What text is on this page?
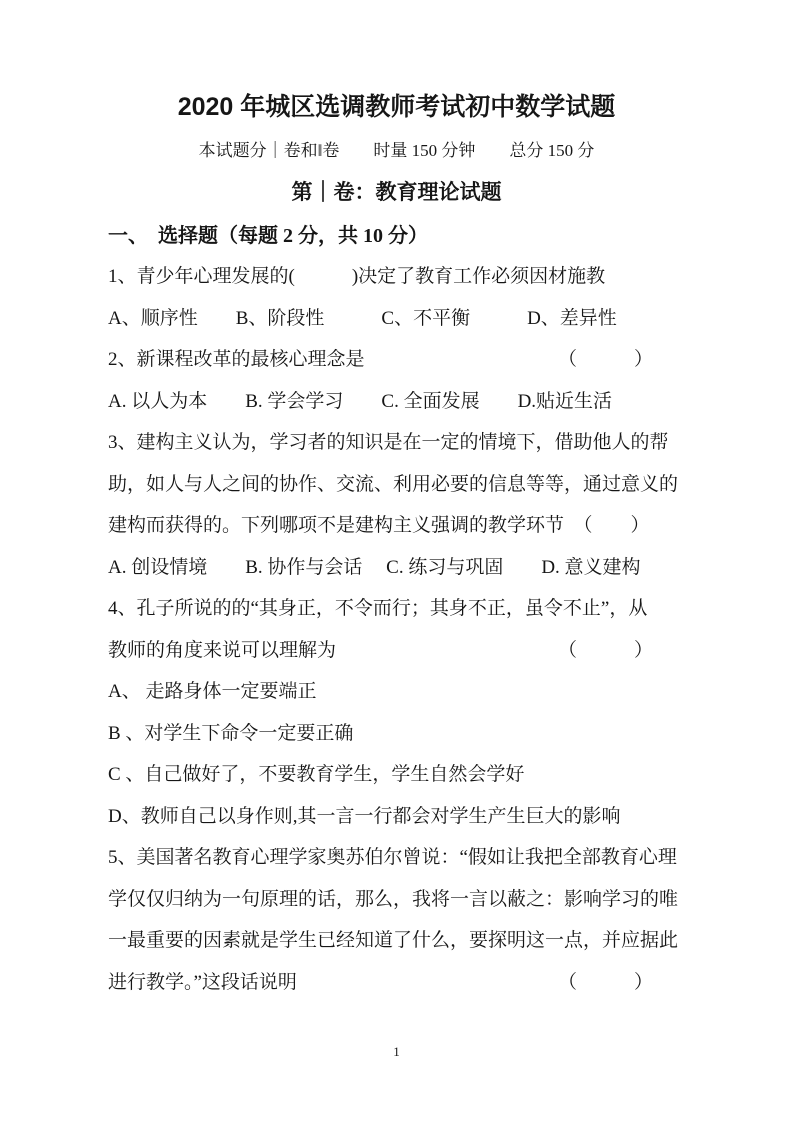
2020 年城区选调教师考试初中数学试题
本试题分｜卷和‖卷　　时量 150 分钟　　总分 150 分
第｜卷：教育理论试题
一、　选择题（每题 2 分，共 10 分）
1、青少年心理发展的(　　　)决定了教育工作必须因材施教
A、顺序性　　B、阶段性　　　C、不平衡　　　D、差异性
2、新课程改革的最核心理念是	（　　　）
A. 以人为本　　B. 学会学习　　C. 全面发展　　D.贴近生活
3、建构主义认为，学习者的知识是在一定的情境下，借助他人的帮
助，如人与人之间的协作、交流、利用必要的信息等等，通过意义的
建构而获得的。下列哪项不是建构主义强调的教学环节　（　　）
A. 创设情境　　B. 协作与会话　 C. 练习与巩固　　D. 意义建构
4、孔子所说的的“其身正，不令而行；其身不正，虽令不止”，从
教师的角度来说可以理解为	（　　　）
A、 走路身体一定要端正
B 、对学生下命令一定要正确
C 、自己做好了，不要教育学生，学生自然会学好
D、教师自己以身作则,其一言一行都会对学生产生巨大的影响
5、美国著名教育心理学家奥苏伯尔曾说：“假如让我把全部教育心理
学仅仅归纳为一句原理的话，那么，我将一言以蔽之：影响学习的唯
一最重要的因素就是学生已经知道了什么，要探明这一点，并应据此
进行教学。”这段话说明	（　　　）
1
